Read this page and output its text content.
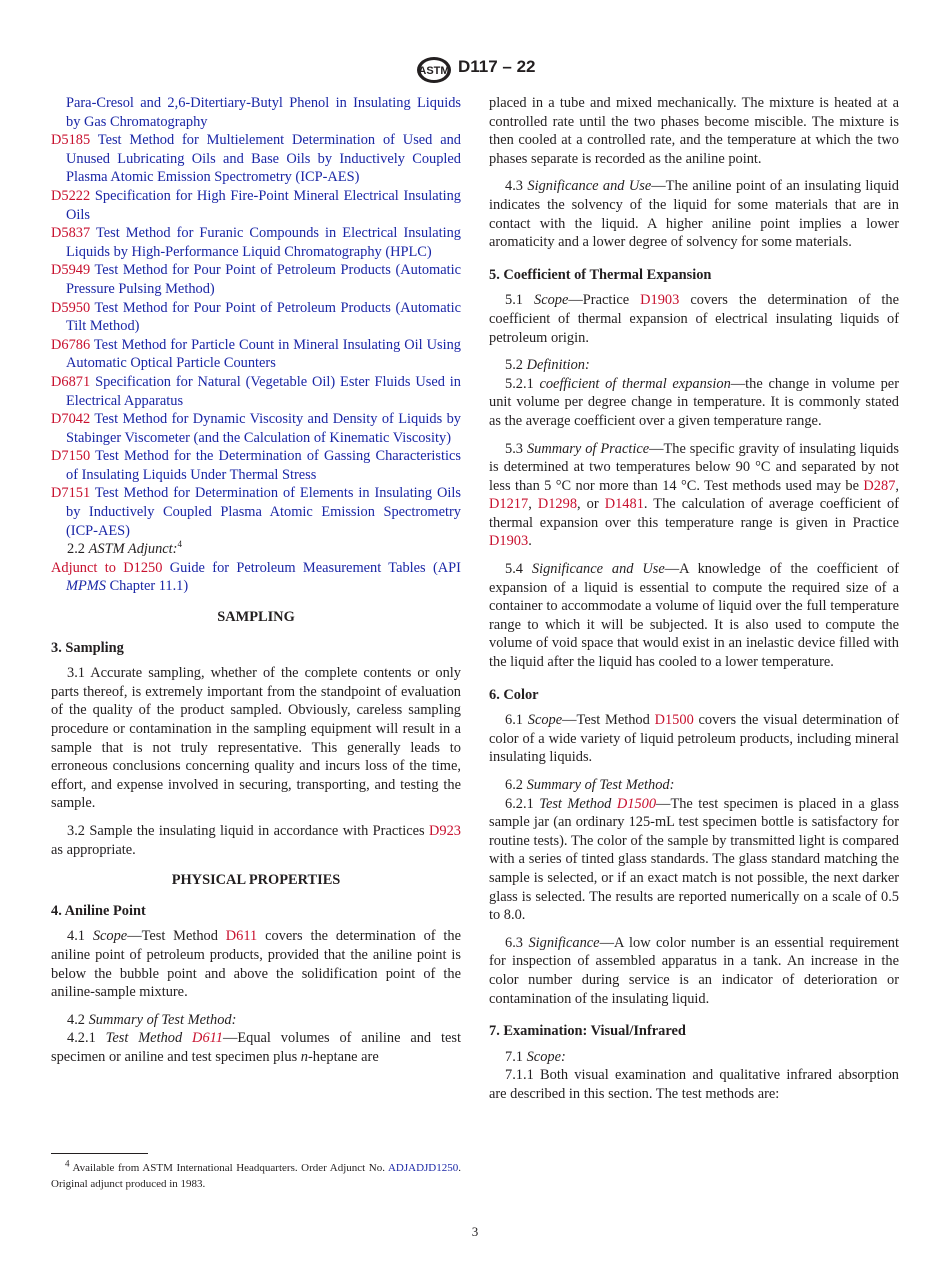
ASTM D117 – 22

Para-Cresol and 2,6-Ditertiary-Butyl Phenol in Insulating Liquids by Gas Chromatography

D5185 Test Method for Multielement Determination of Used and Unused Lubricating Oils and Base Oils by Inductively Coupled Plasma Atomic Emission Spectrometry (ICP-AES)

D5222 Specification for High Fire-Point Mineral Electrical Insulating Oils

D5837 Test Method for Furanic Compounds in Electrical Insulating Liquids by High-Performance Liquid Chromatography (HPLC)

D5949 Test Method for Pour Point of Petroleum Products (Automatic Pressure Pulsing Method)

D5950 Test Method for Pour Point of Petroleum Products (Automatic Tilt Method)

D6786 Test Method for Particle Count in Mineral Insulating Oil Using Automatic Optical Particle Counters

D6871 Specification for Natural (Vegetable Oil) Ester Fluids Used in Electrical Apparatus

D7042 Test Method for Dynamic Viscosity and Density of Liquids by Stabinger Viscometer (and the Calculation of Kinematic Viscosity)

D7150 Test Method for the Determination of Gassing Characteristics of Insulating Liquids Under Thermal Stress

D7151 Test Method for Determination of Elements in Insulating Oils by Inductively Coupled Plasma Atomic Emission Spectrometry (ICP-AES)

2.2 ASTM Adjunct:$^4$

Adjunct to D1250 Guide for Petroleum Measurement Tables (API MPMS Chapter 11.1)

SAMPLING
3. Sampling

3.1 Accurate sampling, whether of the complete contents or only parts thereof, is extremely important from the standpoint of evaluation of the quality of the product sampled. Obviously, careless sampling procedure or contamination in the sampling equipment will result in a sample that is not truly representative. This generally leads to erroneous conclusions concerning quality and incurs loss of the time, effort, and expense involved in securing, transporting, and testing the sample.

3.2 Sample the insulating liquid in accordance with Practices D923 as appropriate.

PHYSICAL PROPERTIES
4. Aniline Point

4.1 Scope—Test Method D611 covers the determination of the aniline point of petroleum products, provided that the aniline point is below the bubble point and above the solidification point of the aniline-sample mixture.

4.2 Summary of Test Method:

4.2.1 Test Method D611—Equal volumes of aniline and test specimen or aniline and test specimen plus n-heptane are

placed in a tube and mixed mechanically. The mixture is heated at a controlled rate until the two phases become miscible. The mixture is then cooled at a controlled rate, and the temperature at which the two phases separate is recorded as the aniline point.

4.3 Significance and Use—The aniline point of an insulating liquid indicates the solvency of the liquid for some materials that are in contact with the liquid. A higher aniline point implies a lower aromaticity and a lower degree of solvency for some materials.

5. Coefficient of Thermal Expansion

5.1 Scope—Practice D1903 covers the determination of the coefficient of thermal expansion of electrical insulating liquids of petroleum origin.

5.2 Definition:

5.2.1 coefficient of thermal expansion—the change in volume per unit volume per degree change in temperature. It is commonly stated as the average coefficient over a given temperature range.

5.3 Summary of Practice—The specific gravity of insulating liquids is determined at two temperatures below 90 °C and separated by not less than 5 °C nor more than 14 °C. Test methods used may be D287, D1217, D1298, or D1481. The calculation of average coefficient of thermal expansion over this temperature range is given in Practice D1903.

5.4 Significance and Use—A knowledge of the coefficient of expansion of a liquid is essential to compute the required size of a container to accommodate a volume of liquid over the full temperature range to which it will be subjected. It is also used to compute the volume of void space that would exist in an inelastic device filled with the liquid after the liquid has cooled to a lower temperature.

6. Color

6.1 Scope—Test Method D1500 covers the visual determination of color of a wide variety of liquid petroleum products, including mineral insulating liquids.

6.2 Summary of Test Method:

6.2.1 Test Method D1500—The test specimen is placed in a glass sample jar (an ordinary 125-mL test specimen bottle is satisfactory for routine tests). The color of the sample by transmitted light is compared with a series of tinted glass standards. The glass standard matching the sample is selected, or if an exact match is not possible, the next darker glass is selected. The results are reported numerically on a scale of 0.5 to 8.0.

6.3 Significance—A low color number is an essential requirement for inspection of assembled apparatus in a tank. An increase in the color number during service is an indicator of deterioration or contamination of the insulating liquid.

7. Examination: Visual/Infrared

7.1 Scope:

7.1.1 Both visual examination and qualitative infrared absorption are described in this section. The test methods are:

$^4$ Available from ASTM International Headquarters. Order Adjunct No. ADJADJD1250. Original adjunct produced in 1983.
3
